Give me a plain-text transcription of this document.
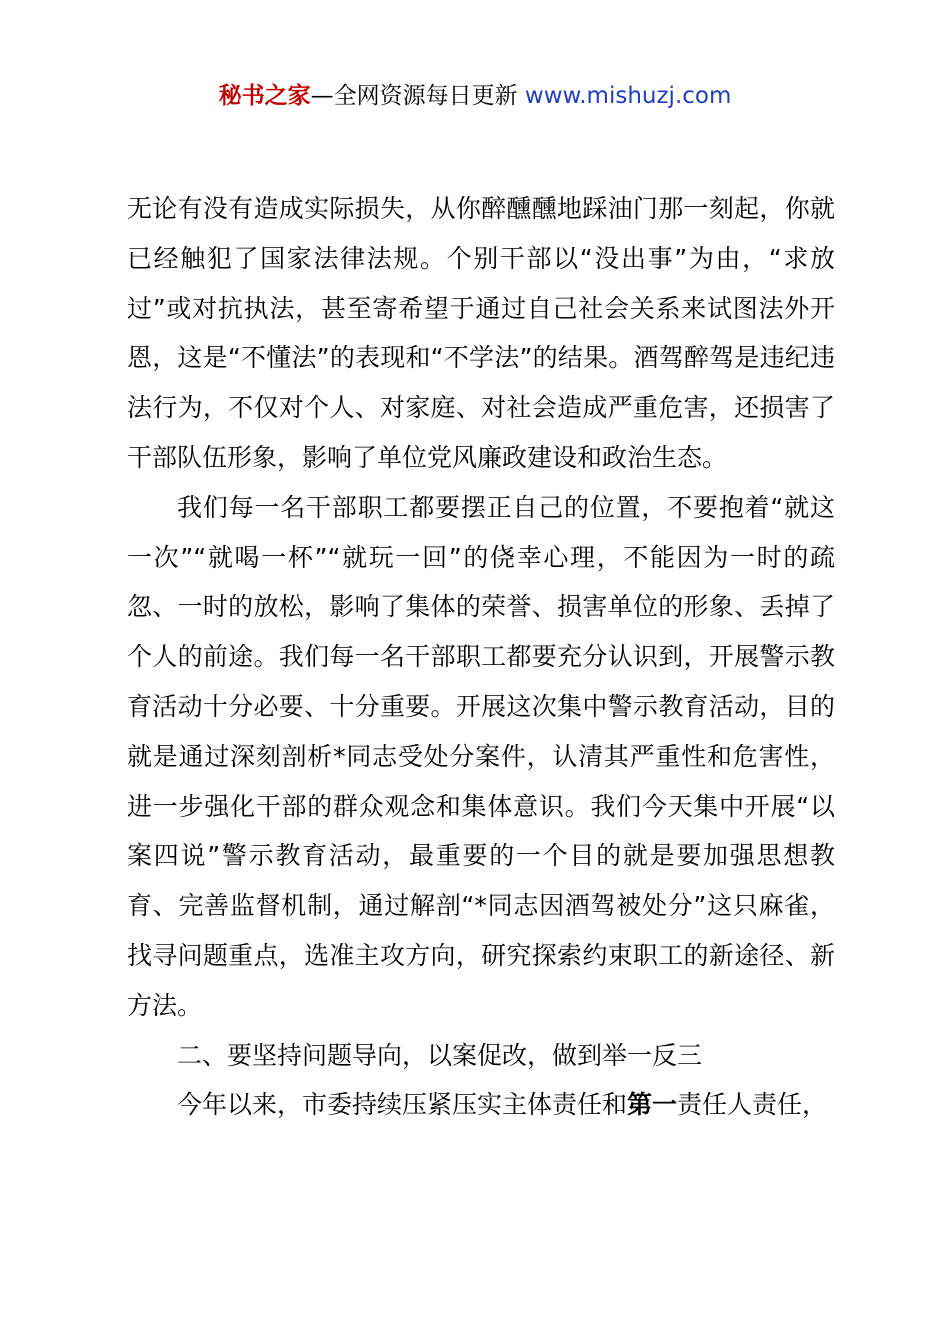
秘书之家—全网资源每日更新 www.mishuzj.com

无论有没有造成实际损失，从你醉醺醺地踩油门那一刻起，你就已经触犯了国家法律法规。个别干部以“没出事”为由，“求放过”或对抗执法，甚至寄希望于通过自己社会关系来试图法外开恩，这是“不懂法”的表现和“不学法”的结果。酒驾醉驾是违纪违法行为，不仅对个人、对家庭、对社会造成严重危害，还损害了干部队伍形象，影响了单位党风廉政建设和政治生态。

我们每一名干部职工都要摆正自己的位置，不要抱着“就这一次”“就喝一杯”“就玩一回”的侥幸心理，不能因为一时的疏忽、一时的放松，影响了集体的荣誉、损害单位的形象、丢掉了个人的前途。我们每一名干部职工都要充分认识到，开展警示教育活动十分必要、十分重要。开展这次集中警示教育活动，目的就是通过深刻剖析*同志受处分案件，认清其严重性和危害性，进一步强化干部的群众观念和集体意识。我们今天集中开展“以案四说”警示教育活动，最重要的一个目的就是要加强思想教育、完善监督机制，通过解剖“*同志因酒驾被处分”这只麻雀，找寻问题重点，选准主攻方向，研究探索约束职工的新途径、新方法。

二、要坚持问题导向，以案促改，做到举一反三

今年以来，市委持续压紧压实主体责任和第一责任人责任，
